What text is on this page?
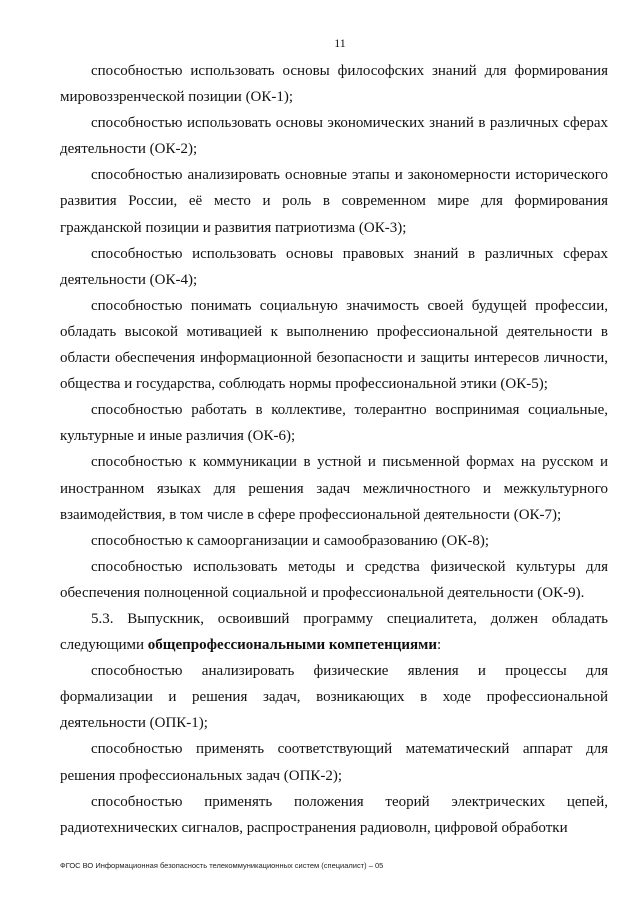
11

способностью использовать основы философских знаний для формирования мировоззренческой позиции (ОК-1);

способностью использовать основы экономических знаний в различных сферах деятельности (ОК-2);

способностью анализировать основные этапы и закономерности исторического развития России, её место и роль в современном мире для формирования гражданской позиции и развития патриотизма (ОК-3);

способностью использовать основы правовых знаний в различных сферах деятельности (ОК-4);

способностью понимать социальную значимость своей будущей профессии, обладать высокой мотивацией к выполнению профессиональной деятельности в области обеспечения информационной безопасности и защиты интересов личности, общества и государства, соблюдать нормы профессиональной этики (ОК-5);

способностью работать в коллективе, толерантно воспринимая социальные, культурные и иные различия (ОК-6);

способностью к коммуникации в устной и письменной формах на русском и иностранном языках для решения задач межличностного и межкультурного взаимодействия, в том числе в сфере профессиональной деятельности (ОК-7);

способностью к самоорганизации и самообразованию (ОК-8);

способностью использовать методы и средства физической культуры для обеспечения полноценной социальной и профессиональной деятельности (ОК-9).

5.3. Выпускник, освоивший программу специалитета, должен обладать следующими общепрофессиональными компетенциями:

способностью анализировать физические явления и процессы для формализации и решения задач, возникающих в ходе профессиональной деятельности (ОПК-1);

способностью применять соответствующий математический аппарат для решения профессиональных задач (ОПК-2);

способностью применять положения теорий электрических цепей, радиотехнических сигналов, распространения радиоволн, цифровой обработки

ФГОС ВО Информационная безопасность телекоммуникационных систем (специалист) – 05
